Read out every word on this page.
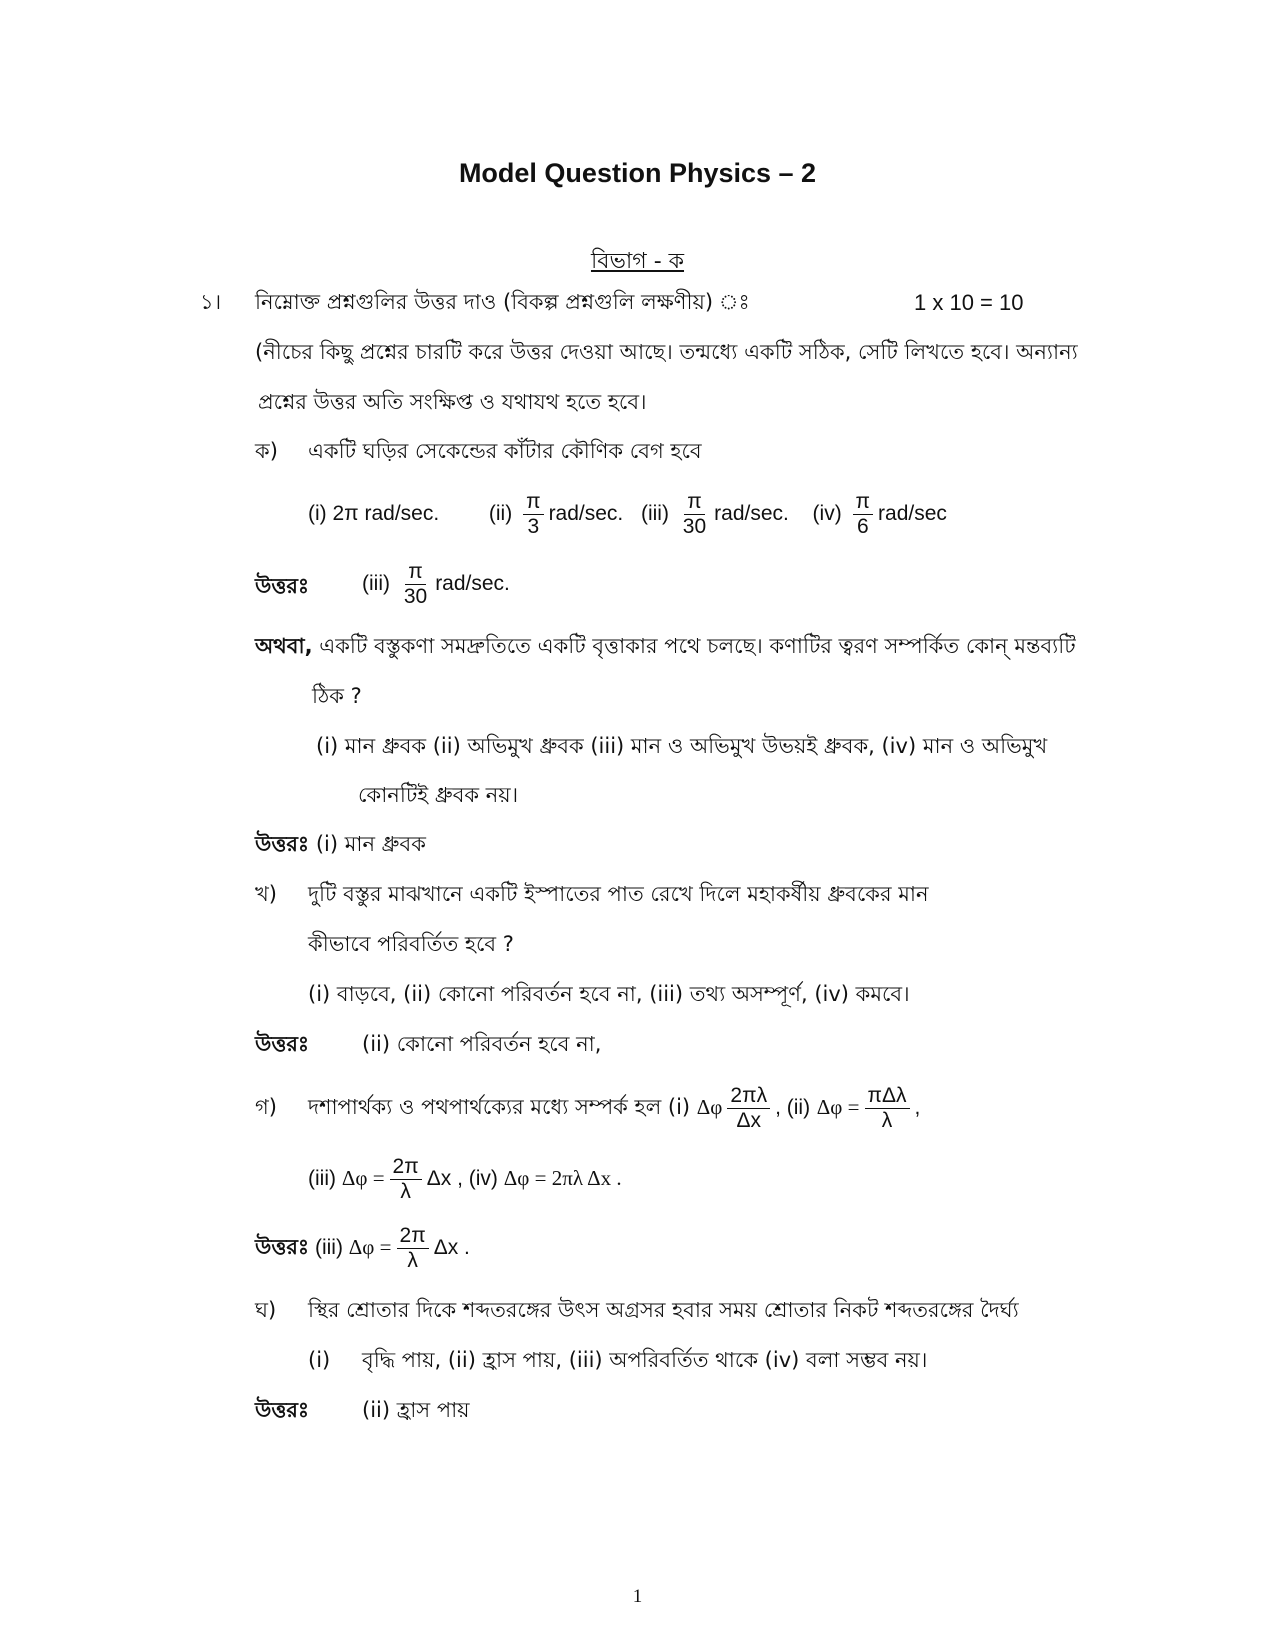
Model Question Physics – 2
বিভাগ - ক
১। নিম্নোক্ত প্রশ্নগুলির উত্তর দাও (বিকল্প প্রশ্নগুলি লক্ষণীয়) ঃ	1 x 10 = 10
(নীচের কিছু প্রশ্নের চারটি করে উত্তর দেওয়া আছে। তন্মধ্যে একটি সঠিক, সেটি লিখতে হবে। অন্যান্য
প্রশ্নের উত্তর অতি সংক্ষিপ্ত ও যথাযথ হতে হবে।
ক) একটি ঘড়ির সেকেন্ডের কাঁটার কৌণিক বেগ হবে
(i) 2π rad/sec. $(ii) \frac{\pi}{3} rad/\sec$. $(iii) \frac{\pi}{30} rad/\sec$. $(iv) \frac{\pi}{6} rad/\sec$
উত্তরঃ	$(iii) \frac{\pi}{30} rad/\sec$.
অথবা, একটি বস্তুকণা সমদ্রুতিতে একটি বৃত্তাকার পথে চলছে। কণাটির ত্বরণ সম্পর্কিত কোন্ মন্তব্যটি
ঠিক ?
(i) মান ধ্রুবক (ii) অভিমুখ ধ্রুবক (iii) মান ও অভিমুখ উভয়ই ধ্রুবক, (iv) মান ও অভিমুখ
কোনটিই ধ্রুবক নয়।
উত্তরঃ (i) মান ধ্রুবক
খ) দুটি বস্তুর মাঝখানে একটি ইস্পাতের পাত রেখে দিলে মহাকর্ষীয় ধ্রুবকের মান
কীভাবে পরিবর্তিত হবে ?
(i) বাড়বে, (ii) কোনো পরিবর্তন হবে না, (iii) তথ্য অসম্পূর্ণ, (iv) কমবে।
উত্তরঃ	(ii) কোনো পরিবর্তন হবে না,
গ) দশাপার্থক্য ও পথপার্থক্যের মধ্যে সম্পর্ক হল (i) Δφ $\frac{2\pi\lambda}{\Delta x}$ , (ii) $\Delta\varphi = \frac{\text{πΔλ}}{\lambda}$ ,
(iii) $\Delta\varphi = \frac{2\pi}{\lambda}$ Δx , (iv) Δφ = 2πλ Δx .
উত্তরঃ (iii) $\Delta\varphi = \frac{2\pi}{\lambda}$ Δx .
ঘ) স্থির শ্রোতার দিকে শব্দতরঙ্গের উৎস অগ্রসর হবার সময় শ্রোতার নিকট শব্দতরঙ্গের দৈর্ঘ্য
(i) বৃদ্ধি পায়, (ii) হ্রাস পায়, (iii) অপরিবর্তিত থাকে (iv) বলা সম্ভব নয়।
উত্তরঃ	(ii) হ্রাস পায়
1
